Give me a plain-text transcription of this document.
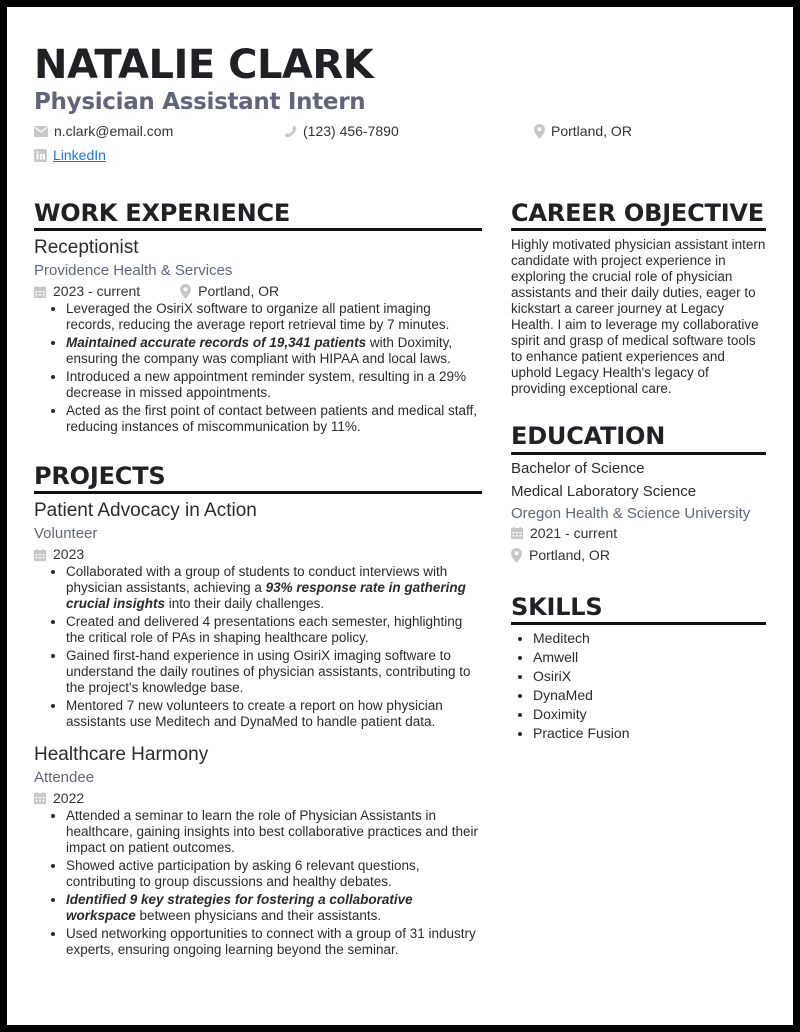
NATALIE CLARK
Physician Assistant Intern
n.clark@email.com	(123) 456-7890	Portland, OR
LinkedIn
WORK EXPERIENCE
Receptionist
Providence Health & Services
2023 - current	Portland, OR
• Leveraged the OsiriX software to organize all patient imaging records, reducing the average report retrieval time by 7 minutes.
• Maintained accurate records of 19,341 patients with Doximity, ensuring the company was compliant with HIPAA and local laws.
• Introduced a new appointment reminder system, resulting in a 29% decrease in missed appointments.
• Acted as the first point of contact between patients and medical staff, reducing instances of miscommunication by 11%.
PROJECTS
Patient Advocacy in Action
Volunteer
2023
• Collaborated with a group of students to conduct interviews with physician assistants, achieving a 93% response rate in gathering crucial insights into their daily challenges.
• Created and delivered 4 presentations each semester, highlighting the critical role of PAs in shaping healthcare policy.
• Gained first-hand experience in using OsiriX imaging software to understand the daily routines of physician assistants, contributing to the project's knowledge base.
• Mentored 7 new volunteers to create a report on how physician assistants use Meditech and DynaMed to handle patient data.
Healthcare Harmony
Attendee
2022
• Attended a seminar to learn the role of Physician Assistants in healthcare, gaining insights into best collaborative practices and their impact on patient outcomes.
• Showed active participation by asking 6 relevant questions, contributing to group discussions and healthy debates.
• Identified 9 key strategies for fostering a collaborative workspace between physicians and their assistants.
• Used networking opportunities to connect with a group of 31 industry experts, ensuring ongoing learning beyond the seminar.
CAREER OBJECTIVE
Highly motivated physician assistant intern candidate with project experience in exploring the crucial role of physician assistants and their daily duties, eager to kickstart a career journey at Legacy Health. I aim to leverage my collaborative spirit and grasp of medical software tools to enhance patient experiences and uphold Legacy Health's legacy of providing exceptional care.
EDUCATION
Bachelor of Science
Medical Laboratory Science
Oregon Health & Science University
2021 - current
Portland, OR
SKILLS
• Meditech
• Amwell
• OsiriX
• DynaMed
• Doximity
• Practice Fusion
